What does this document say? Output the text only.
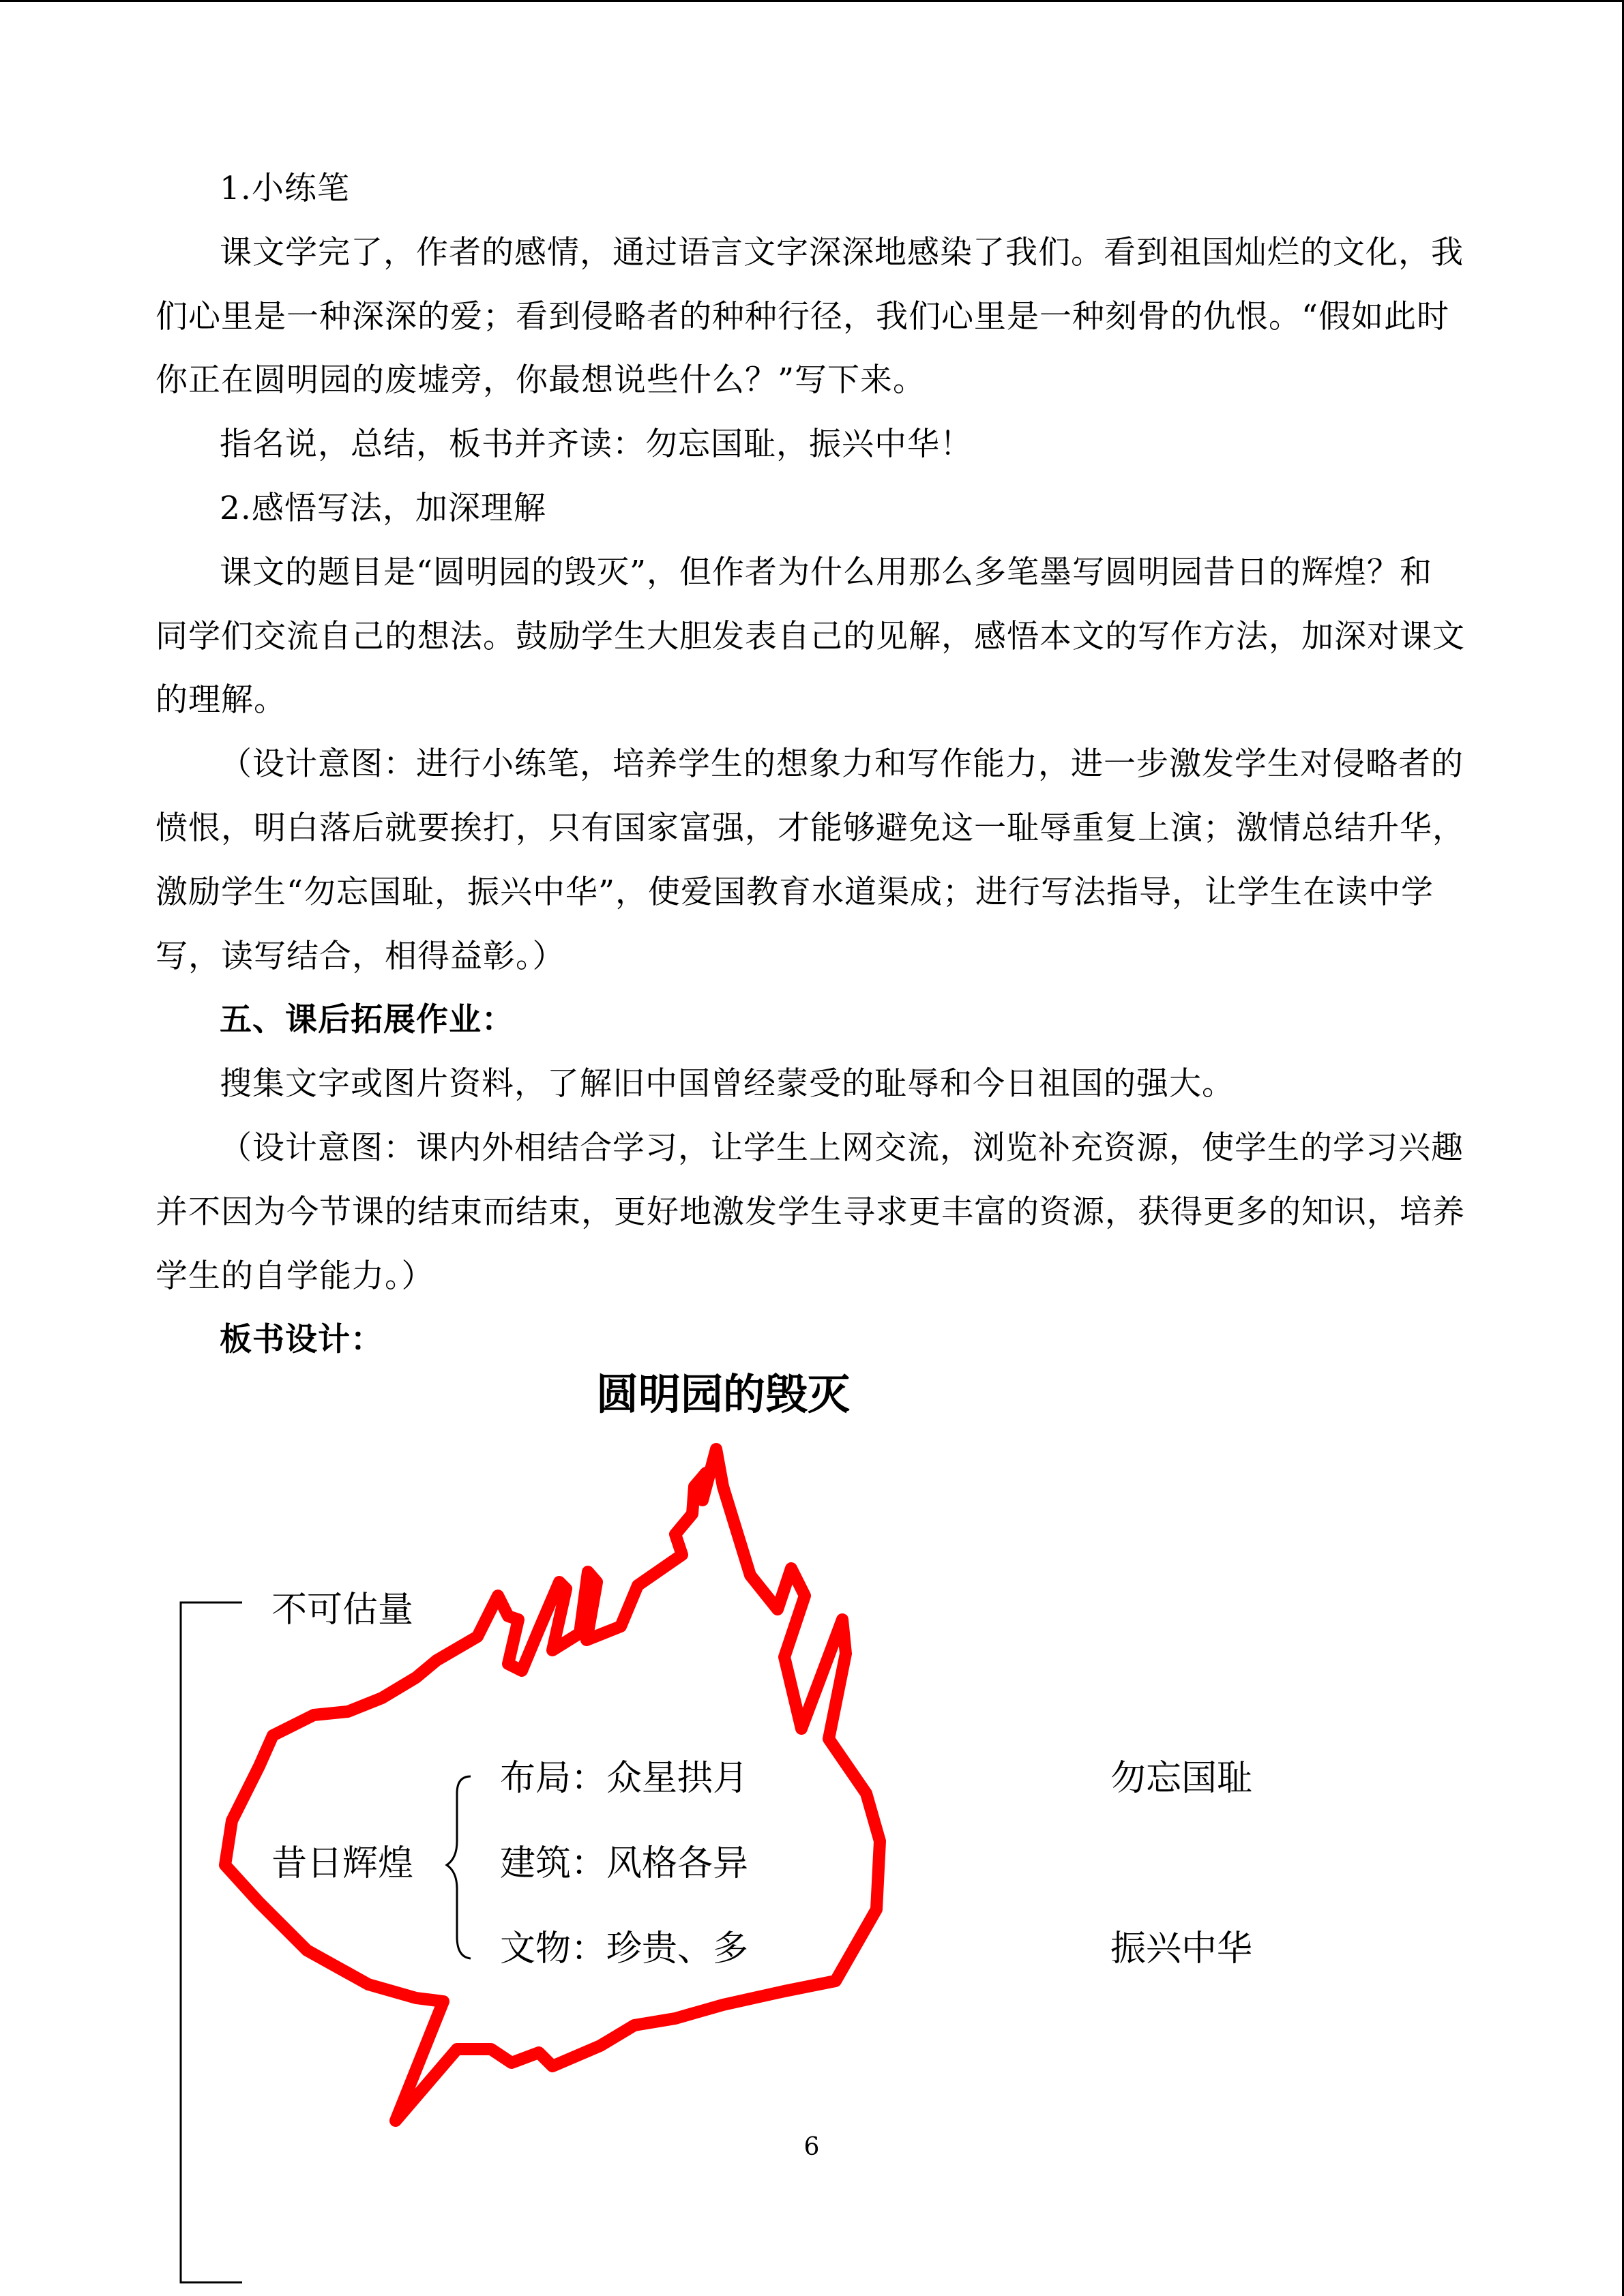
1.小练笔

课文学完了，作者的感情，通过语言文字深深地感染了我们。看到祖国灿烂的文化，我们心里是一种深深的爱；看到侵略者的种种行径，我们心里是一种刻骨的仇恨。“假如此时你正在圆明园的废墟旁，你最想说些什么？”写下来。

指名说，总结，板书并齐读：勿忘国耻，振兴中华！

2.感悟写法，加深理解

课文的题目是“圆明园的毁灭”，但作者为什么用那么多笔墨写圆明园昔日的辉煌？和同学们交流自己的想法。鼓励学生大胆发表自己的见解，感悟本文的写作方法，加深对课文的理解。

（设计意图：进行小练笔，培养学生的想象力和写作能力，进一步激发学生对侵略者的愤恨，明白落后就要挨打，只有国家富强，才能够避免这一耻辱重复上演；激情总结升华，激励学生“勿忘国耻，振兴中华”，使爱国教育水道渠成；进行写法指导，让学生在读中学写，读写结合，相得益彰。）

五、课后拓展作业：

搜集文字或图片资料，了解旧中国曾经蒙受的耻辱和今日祖国的强大。

（设计意图：课内外相结合学习，让学生上网交流，浏览补充资源，使学生的学习兴趣并不因为今节课的结束而结束，更好地激发学生寻求更丰富的资源，获得更多的知识，培养学生的自学能力。）

板书设计：

圆明园的毁灭
不可估量
昔日辉煌
布局：众星拱月
建筑：风格各异
文物：珍贵、多
勿忘国耻
振兴中华
6
